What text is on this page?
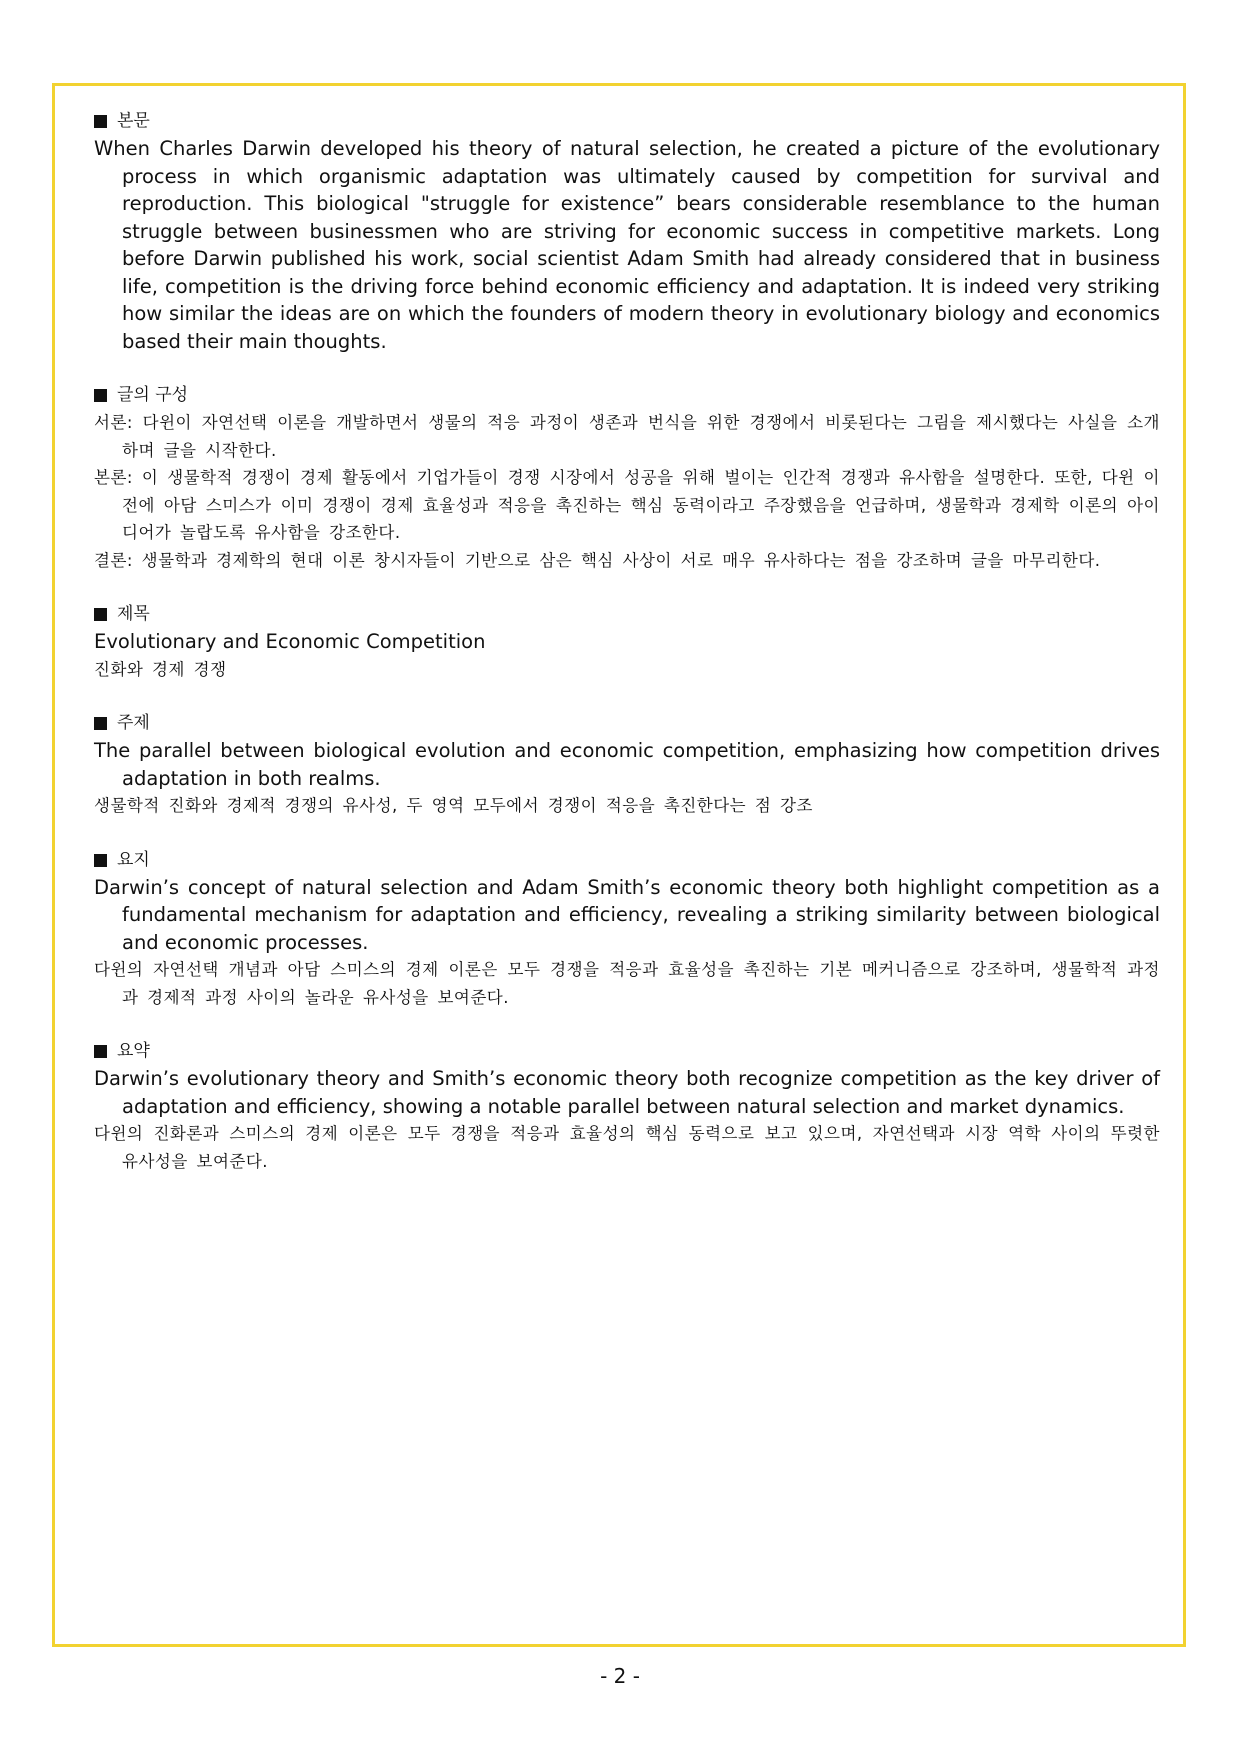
본문
When Charles Darwin developed his theory of natural selection, he created a picture of the evolutionary process in which organismic adaptation was ultimately caused by competition for survival and reproduction. This biological "struggle for existence” bears considerable resemblance to the human struggle between businessmen who are striving for economic success in competitive markets. Long before Darwin published his work, social scientist Adam Smith had already considered that in business life, competition is the driving force behind economic efficiency and adaptation. It is indeed very striking how similar the ideas are on which the founders of modern theory in evolutionary biology and economics based their main thoughts.
글의 구성
서론: 다윈이 자연선택 이론을 개발하면서 생물의 적응 과정이 생존과 번식을 위한 경쟁에서 비롯된다는 그림을 제시했다는 사실을 소개하며 글을 시작한다.
본론: 이 생물학적 경쟁이 경제 활동에서 기업가들이 경쟁 시장에서 성공을 위해 벌이는 인간적 경쟁과 유사함을 설명한다. 또한, 다윈 이전에 아담 스미스가 이미 경쟁이 경제 효율성과 적응을 촉진하는 핵심 동력이라고 주장했음을 언급하며, 생물학과 경제학 이론의 아이디어가 놀랍도록 유사함을 강조한다.
결론: 생물학과 경제학의 현대 이론 창시자들이 기반으로 삼은 핵심 사상이 서로 매우 유사하다는 점을 강조하며 글을 마무리한다.
제목
Evolutionary and Economic Competition
진화와 경제 경쟁
주제
The parallel between biological evolution and economic competition, emphasizing how competition drives adaptation in both realms.
생물학적 진화와 경제적 경쟁의 유사성, 두 영역 모두에서 경쟁이 적응을 촉진한다는 점 강조
요지
Darwin’s concept of natural selection and Adam Smith’s economic theory both highlight competition as a fundamental mechanism for adaptation and efficiency, revealing a striking similarity between biological and economic processes.
다윈의 자연선택 개념과 아담 스미스의 경제 이론은 모두 경쟁을 적응과 효율성을 촉진하는 기본 메커니즘으로 강조하며, 생물학적 과정과 경제적 과정 사이의 놀라운 유사성을 보여준다.
요약
Darwin’s evolutionary theory and Smith’s economic theory both recognize competition as the key driver of adaptation and efficiency, showing a notable parallel between natural selection and market dynamics.
다윈의 진화론과 스미스의 경제 이론은 모두 경쟁을 적응과 효율성의 핵심 동력으로 보고 있으며, 자연선택과 시장 역학 사이의 뚜렷한 유사성을 보여준다.
- 2 -
